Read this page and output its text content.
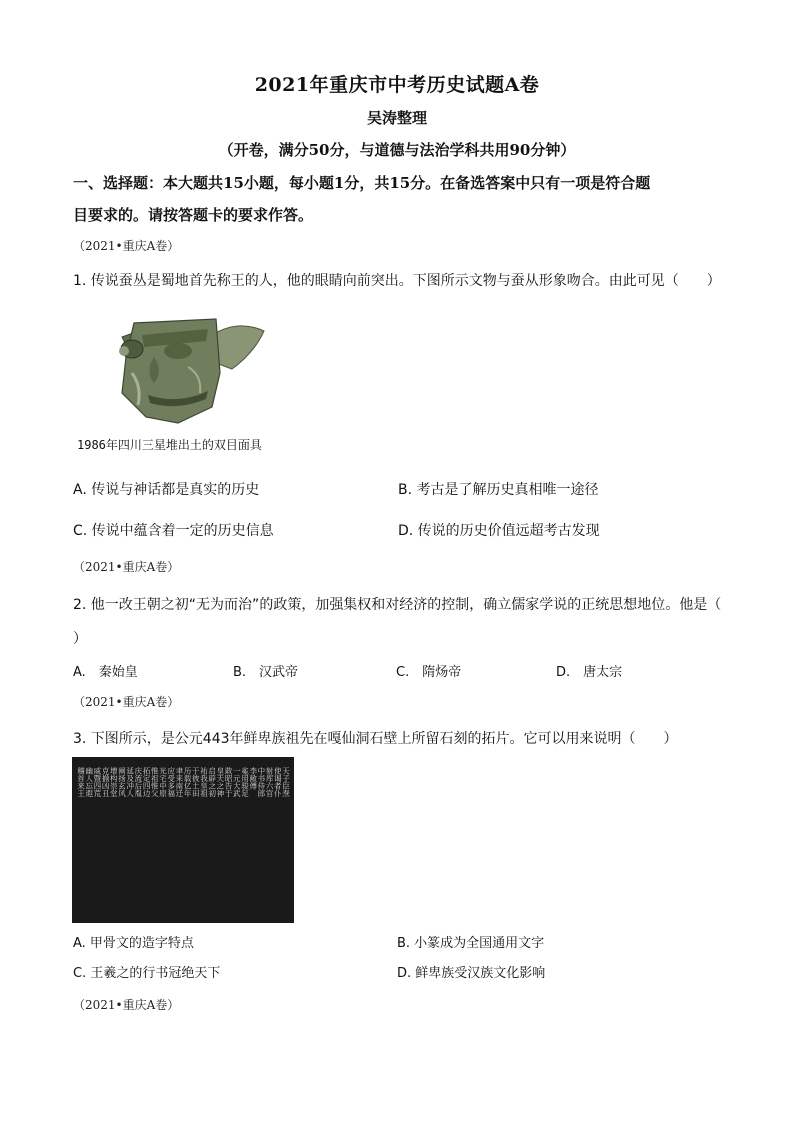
2021年重庆市中考历史试题A卷
吴涛整理
（开卷，满分50分，与道德与法治学科共用90分钟）
一、选择题：本大题共15小题，每小题1分，共15分。在备选答案中只有一项是符合题
目要求的。请按答题卡的要求作答。
（2021•重庆A卷）
1. 传说蚕丛是蜀地首先称王的人，他的眼睛向前突出。下图所示文物与蚕从形象吻合。由此可见（　　）
1986年四川三星堆出土的双目面具
A. 传说与神话都是真实的历史	B. 考古是了解历史真相唯一途径
C. 传说中蕴含着一定的历史信息	D. 传说的历史价值远超考古发现
（2021•重庆A卷）
2. 他一改王朝之初“无为而治”的政策，加强集权和对经济的控制，确立儒家学说的正统思想地位。他是（
）
A.　秦始皇	B.　汉武帝	C.　隋炀帝	D.　唐太宗
（2021•重庆A卷）
3. 下图所示，是公元443年鲜卑族祖先在嘎仙洞石壁上所留石刻的拓片。它可以用来说明（　　）
天子臣焘
使谒者仆
射库六官
中书侍郎
李敞傅
㝹用骏足
一元大武
敢昭告于
皇天之神
启辟之初
祐我皇祖
于彼土田
历载亿年
聿来南迁
应受多福
光宅中原
惟祖惟父
拓定四边
庆流后胤
延及冲人
阐扬玄风
增构崇堂
克揃凶丑
威暨四荒
幽人忘遐
稽首来王
A. 甲骨文的造字特点	B. 小篆成为全国通用文字
C. 王羲之的行书冠绝天下	D. 鲜卑族受汉族文化影响
（2021•重庆A卷）
